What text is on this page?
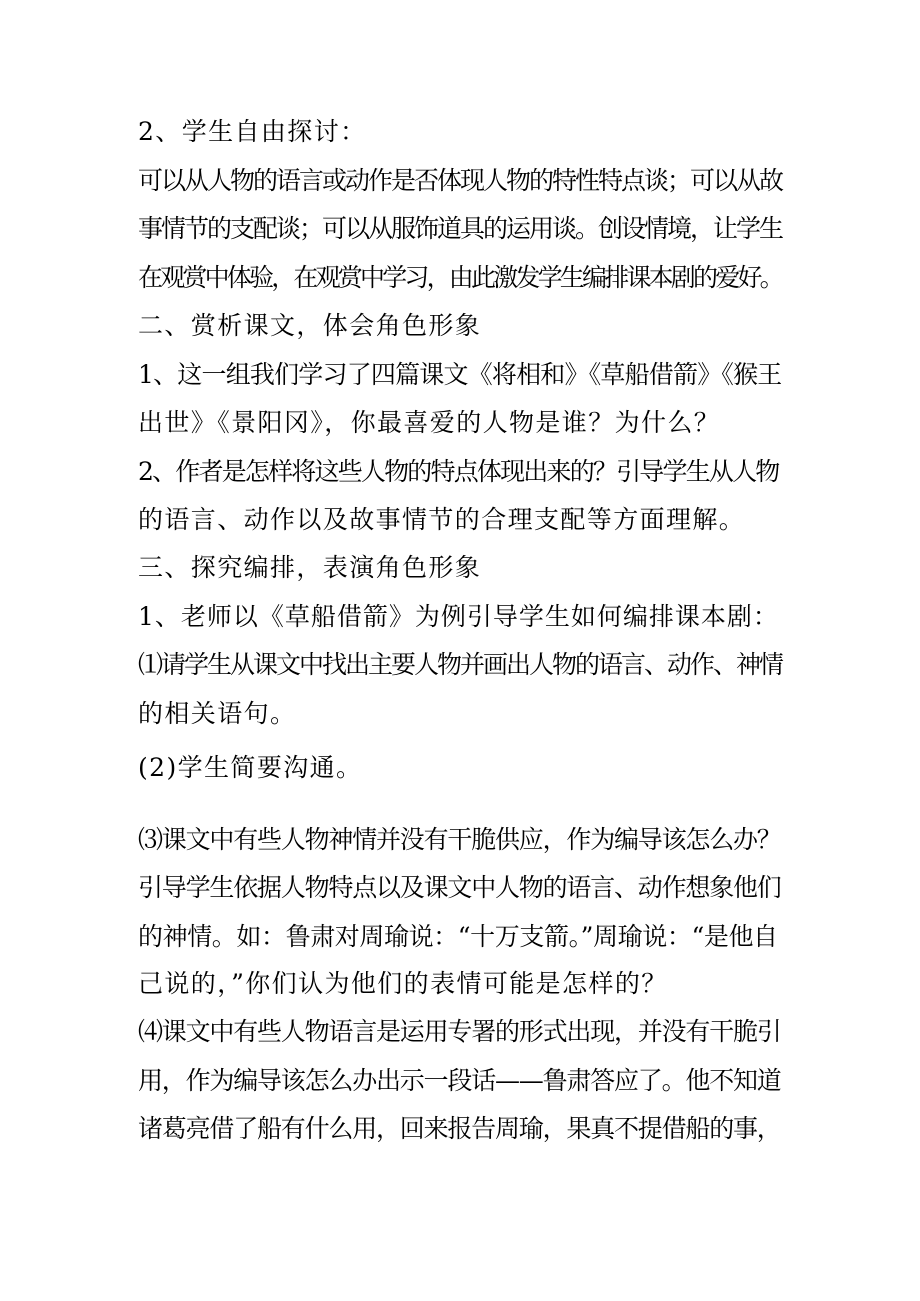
2、学生自由探讨：
可以从人物的语言或动作是否体现人物的特性特点谈；可以从故
事情节的支配谈；可以从服饰道具的运用谈。创设情境，让学生
在观赏中体验，在观赏中学习，由此激发学生编排课本剧的爱好。
二、赏析课文，体会角色形象
1、这一组我们学习了四篇课文《将相和》《草船借箭》《猴王
出世》《景阳冈》，你最喜爱的人物是谁？为什么？
2、作者是怎样将这些人物的特点体现出来的？引导学生从人物
的语言、动作以及故事情节的合理支配等方面理解。
三、探究编排，表演角色形象
1、老师以《草船借箭》为例引导学生如何编排课本剧：
⑴请学生从课文中找出主要人物并画出人物的语言、动作、神情
的相关语句。
(2)学生简要沟通。
⑶课文中有些人物神情并没有干脆供应，作为编导该怎么办？
引导学生依据人物特点以及课文中人物的语言、动作想象他们
的神情。如：鲁肃对周瑜说：“十万支箭。”周瑜说：“是他自
己说的，”你们认为他们的表情可能是怎样的？
⑷课文中有些人物语言是运用专署的形式出现，并没有干脆引
用，作为编导该怎么办出示一段话——鲁肃答应了。他不知道
诸葛亮借了船有什么用，回来报告周瑜，果真不提借船的事，
